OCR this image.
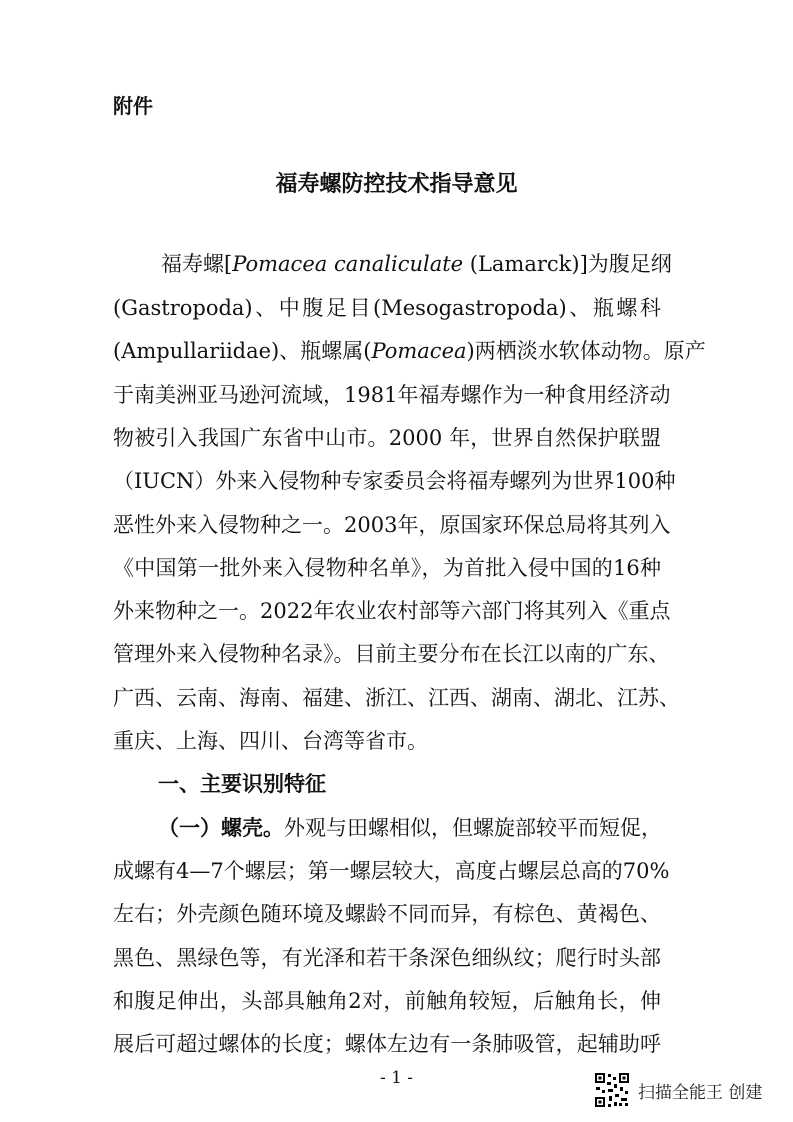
附件
福寿螺防控技术指导意见
福寿螺[Pomacea canaliculate (Lamarck)]为腹足纲
(Gastropoda)、中腹足目(Mesogastropoda)、瓶螺科
(Ampullariidae)、瓶螺属(Pomacea)两栖淡水软体动物。原产
于南美洲亚马逊河流域，1981年福寿螺作为一种食用经济动
物被引入我国广东省中山市。2000 年，世界自然保护联盟
（IUCN）外来入侵物种专家委员会将福寿螺列为世界100种
恶性外来入侵物种之一。2003年，原国家环保总局将其列入
《中国第一批外来入侵物种名单》，为首批入侵中国的16种
外来物种之一。2022年农业农村部等六部门将其列入《重点
管理外来入侵物种名录》。目前主要分布在长江以南的广东、
广西、云南、海南、福建、浙江、江西、湖南、湖北、江苏、
重庆、上海、四川、台湾等省市。
一、主要识别特征
（一）螺壳。外观与田螺相似，但螺旋部较平而短促，
成螺有4—7个螺层；第一螺层较大，高度占螺层总高的70%
左右；外壳颜色随环境及螺龄不同而异，有棕色、黄褐色、
黑色、黑绿色等，有光泽和若干条深色细纵纹；爬行时头部
和腹足伸出，头部具触角2对，前触角较短，后触角长，伸
展后可超过螺体的长度；螺体左边有一条肺吸管，起辅助呼
- 1 -
扫描全能王 创建
